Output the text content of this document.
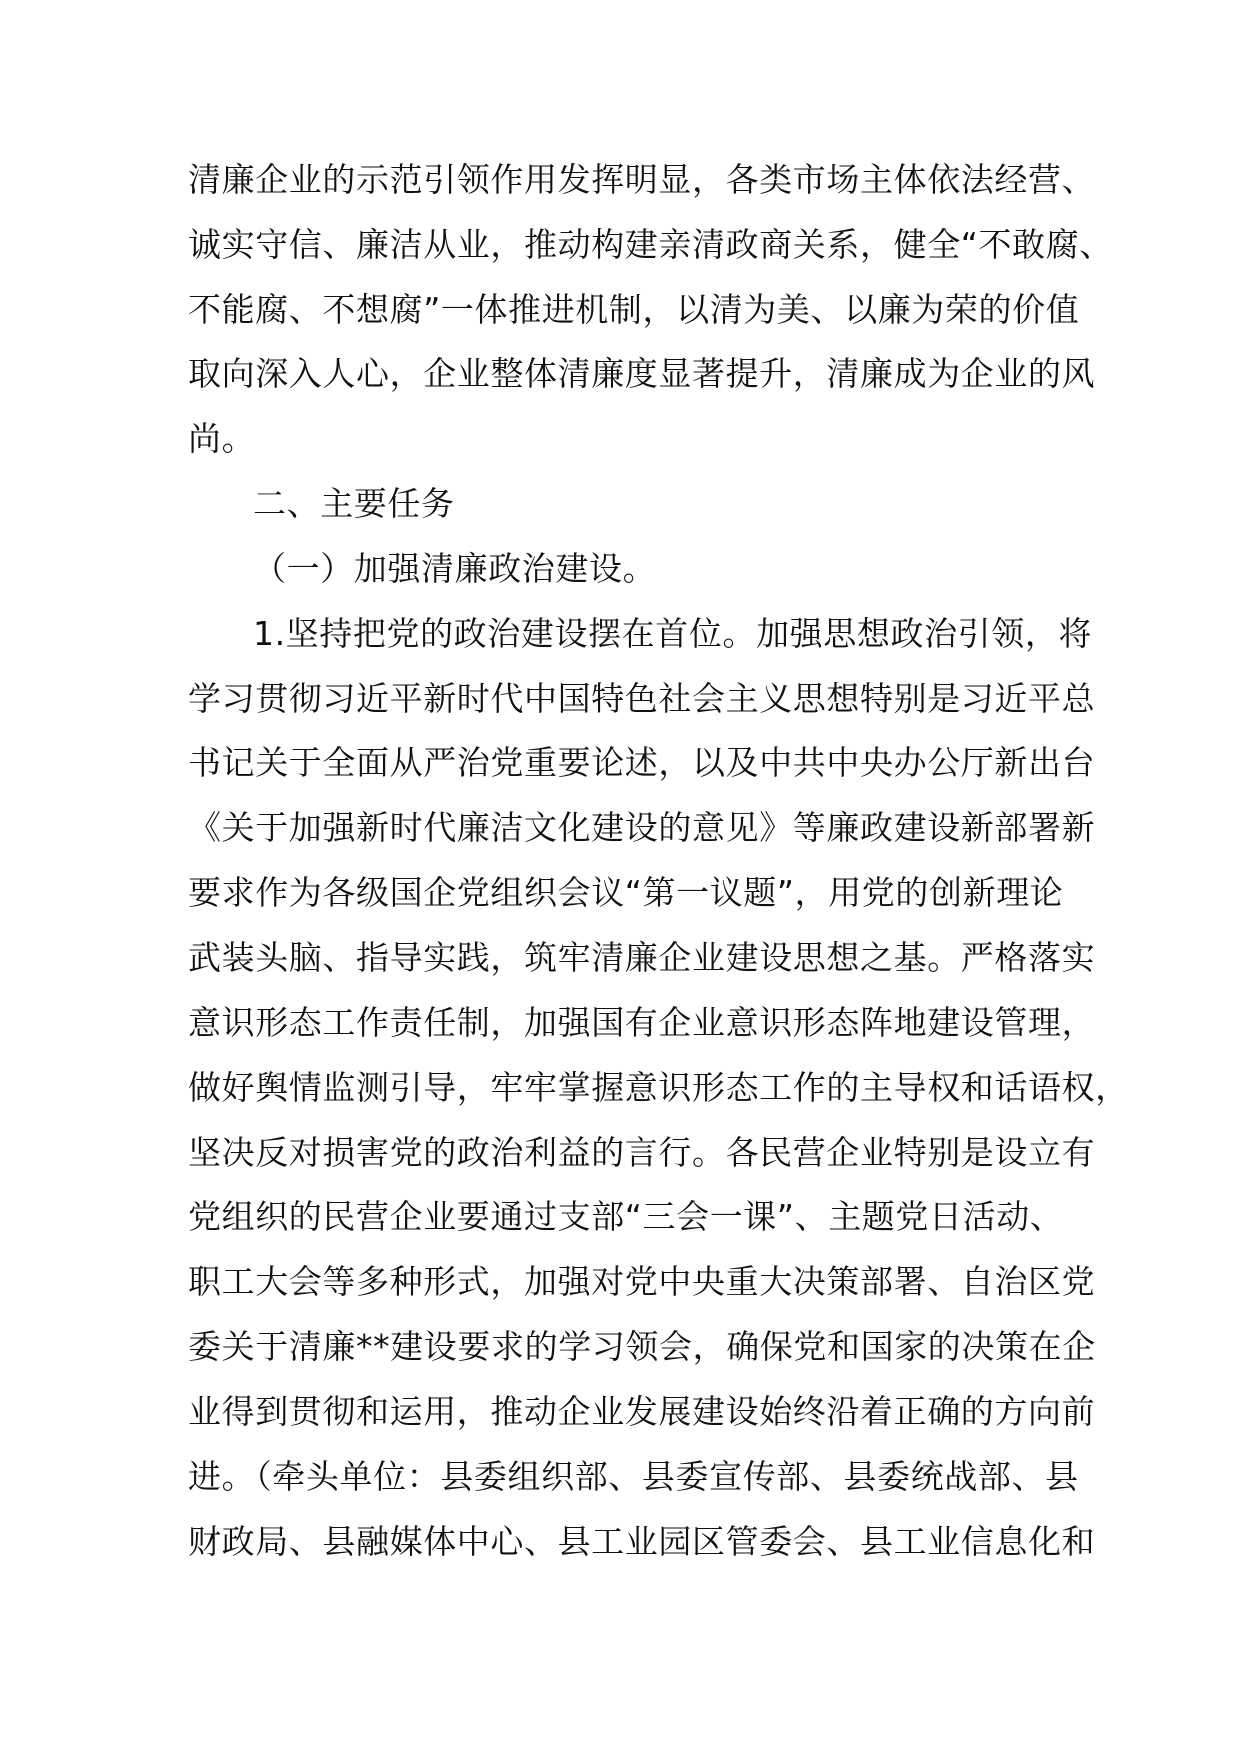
清廉企业的示范引领作用发挥明显，各类市场主体依法经营、
诚实守信、廉洁从业，推动构建亲清政商关系，健全“不敢腐、
不能腐、不想腐”一体推进机制，以清为美、以廉为荣的价值
取向深入人心，企业整体清廉度显著提升，清廉成为企业的风
尚。
二、主要任务
（一）加强清廉政治建设。
1.坚持把党的政治建设摆在首位。加强思想政治引领，将
学习贯彻习近平新时代中国特色社会主义思想特别是习近平总
书记关于全面从严治党重要论述，以及中共中央办公厅新出台
《关于加强新时代廉洁文化建设的意见》等廉政建设新部署新
要求作为各级国企党组织会议“第一议题”，用党的创新理论
武装头脑、指导实践，筑牢清廉企业建设思想之基。严格落实
意识形态工作责任制，加强国有企业意识形态阵地建设管理，
做好舆情监测引导，牢牢掌握意识形态工作的主导权和话语权，
坚决反对损害党的政治利益的言行。各民营企业特别是设立有
党组织的民营企业要通过支部“三会一课”、主题党日活动、
职工大会等多种形式，加强对党中央重大决策部署、自治区党
委关于清廉**建设要求的学习领会，确保党和国家的决策在企
业得到贯彻和运用，推动企业发展建设始终沿着正确的方向前
进。（牵头单位：县委组织部、县委宣传部、县委统战部、县
财政局、县融媒体中心、县工业园区管委会、县工业信息化和
